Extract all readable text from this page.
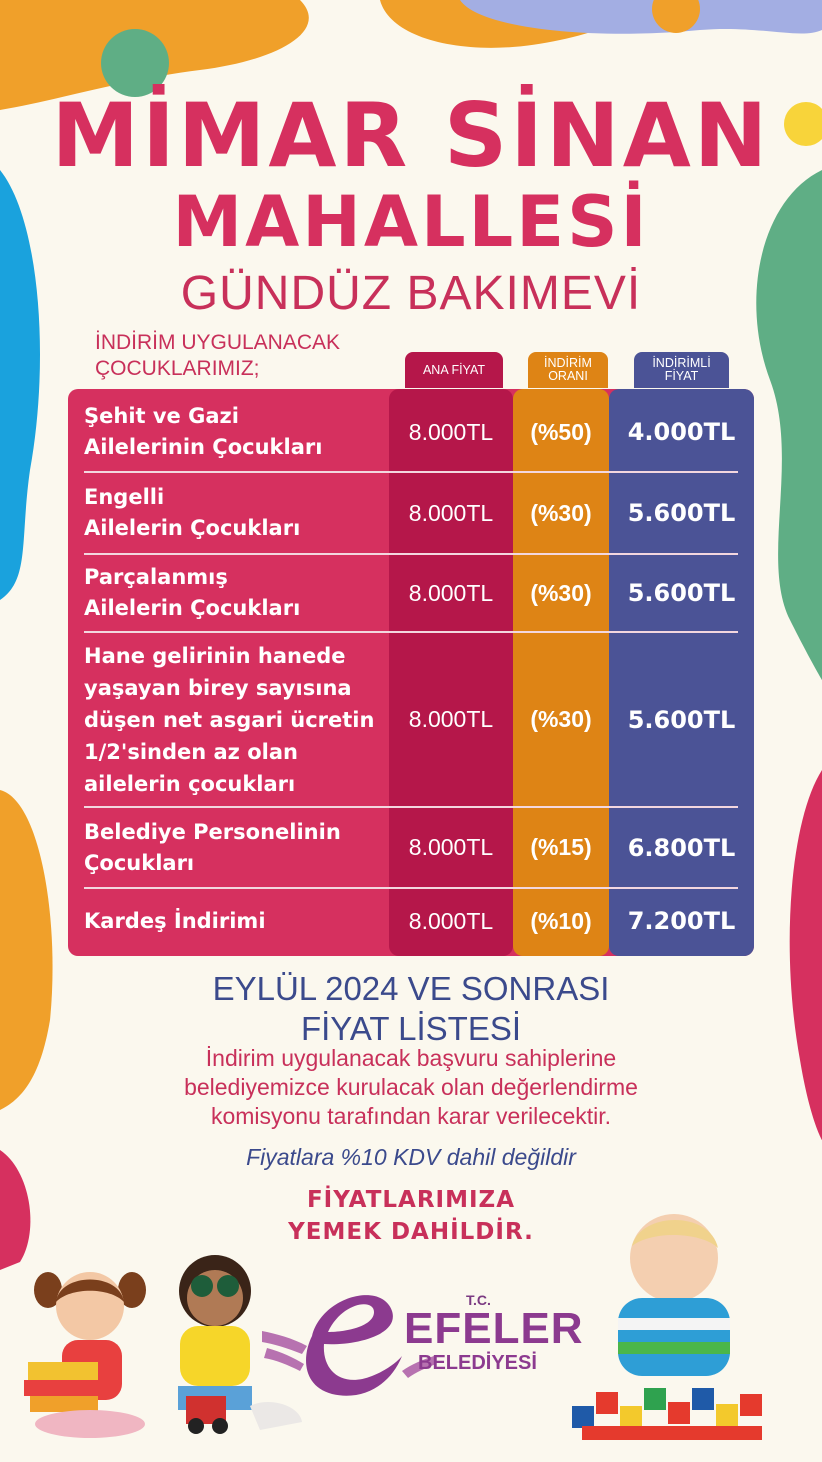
MİMAR SİNAN
MAHALLESİ
GÜNDÜZ BAKIMEVİ
İNDİRİM UYGULANACAK ÇOCUKLARIMIZ;	ANA FİYAT	İNDİRİM ORANI
İNDİRİMLİ FİYAT
Şehit ve Gazi
Ailelerinin Çocukları
8.000TL	(%50)	4.000TL
Engelli
Ailelerin Çocukları
8.000TL	(%30)	5.600TL
Parçalanmış
Ailelerin Çocukları
8.000TL	(%30)	5.600TL
Hane gelirinin hanede
yaşayan birey sayısına
düşen net asgari ücretin
1/2'sinden az olan
ailelerin çocukları
8.000TL	(%30)	5.600TL
Belediye Personelinin
Çocukları
8.000TL	(%15)	6.800TL
Kardeş İndirimi	8.000TL	(%10)	7.200TL
EYLÜL 2024 VE SONRASI
FİYAT LİSTESİ
İndirim uygulanacak başvuru sahiplerine
belediyemizce kurulacak olan değerlendirme
komisyonu tarafından karar verilecektir.
Fiyatlara %10 KDV dahil değildir
FİYATLARIMIZA
YEMEK DAHİLDİR.
T.C.
EFELER
BELEDİYESİ
